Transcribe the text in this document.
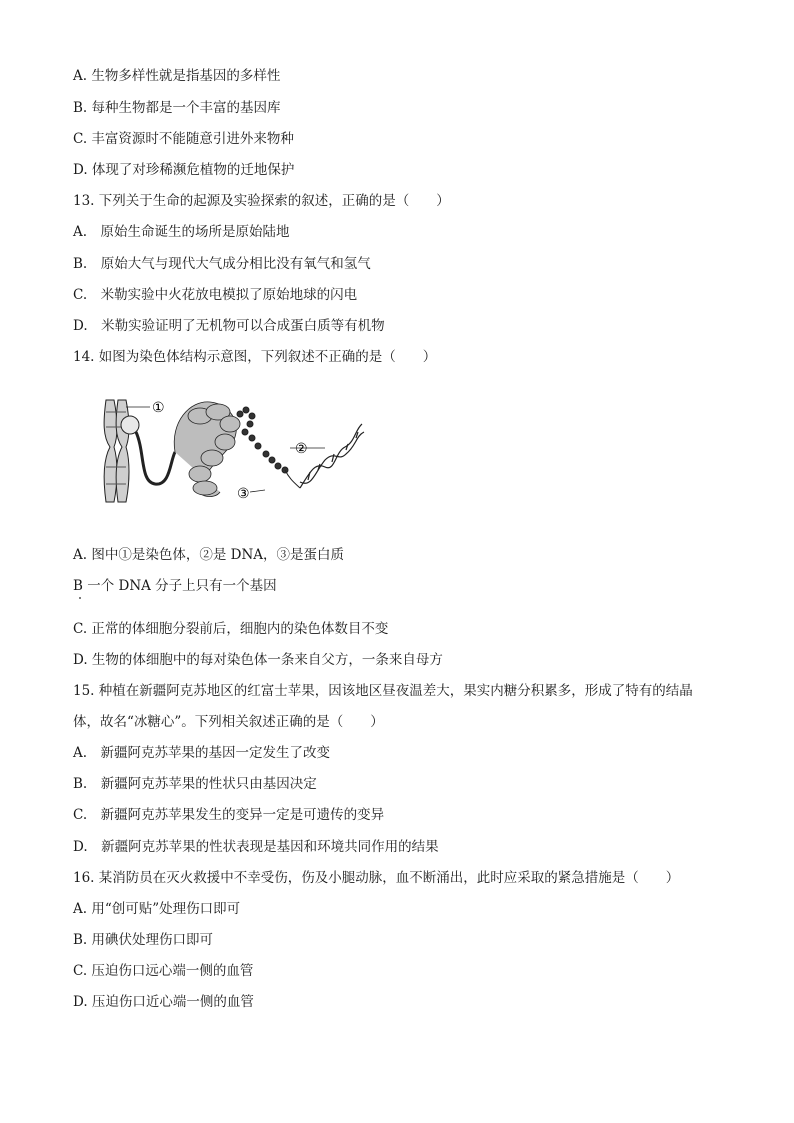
A. 生物多样性就是指基因的多样性
B. 每种生物都是一个丰富的基因库
C. 丰富资源时不能随意引进外来物种
D. 体现了对珍稀濒危植物的迁地保护
13. 下列关于生命的起源及实验探索的叙述，正确的是（　　）
A.　原始生命诞生的场所是原始陆地
B.　原始大气与现代大气成分相比没有氧气和氢气
C.　米勒实验中火花放电模拟了原始地球的闪电
D.　米勒实验证明了无机物可以合成蛋白质等有机物
14. 如图为染色体结构示意图，下列叙述不正确的是（　　）
①
②
③
A. 图中①是染色体，②是 DNA，③是蛋白质
B 一个 DNA 分子上只有一个基因
C. 正常的体细胞分裂前后，细胞内的染色体数目不变
D. 生物的体细胞中的每对染色体一条来自父方，一条来自母方
15. 种植在新疆阿克苏地区的红富士苹果，因该地区昼夜温差大，果实内糖分积累多，形成了特有的结晶
体，故名“冰糖心”。下列相关叙述正确的是（　　）
A.　新疆阿克苏苹果的基因一定发生了改变
B.　新疆阿克苏苹果的性状只由基因决定
C.　新疆阿克苏苹果发生的变异一定是可遗传的变异
D.　新疆阿克苏苹果的性状表现是基因和环境共同作用的结果
16. 某消防员在灭火救援中不幸受伤，伤及小腿动脉，血不断涌出，此时应采取的紧急措施是（　　）
A. 用“创可贴”处理伤口即可
B. 用碘伏处理伤口即可
C. 压迫伤口远心端一侧的血管
D. 压迫伤口近心端一侧的血管
